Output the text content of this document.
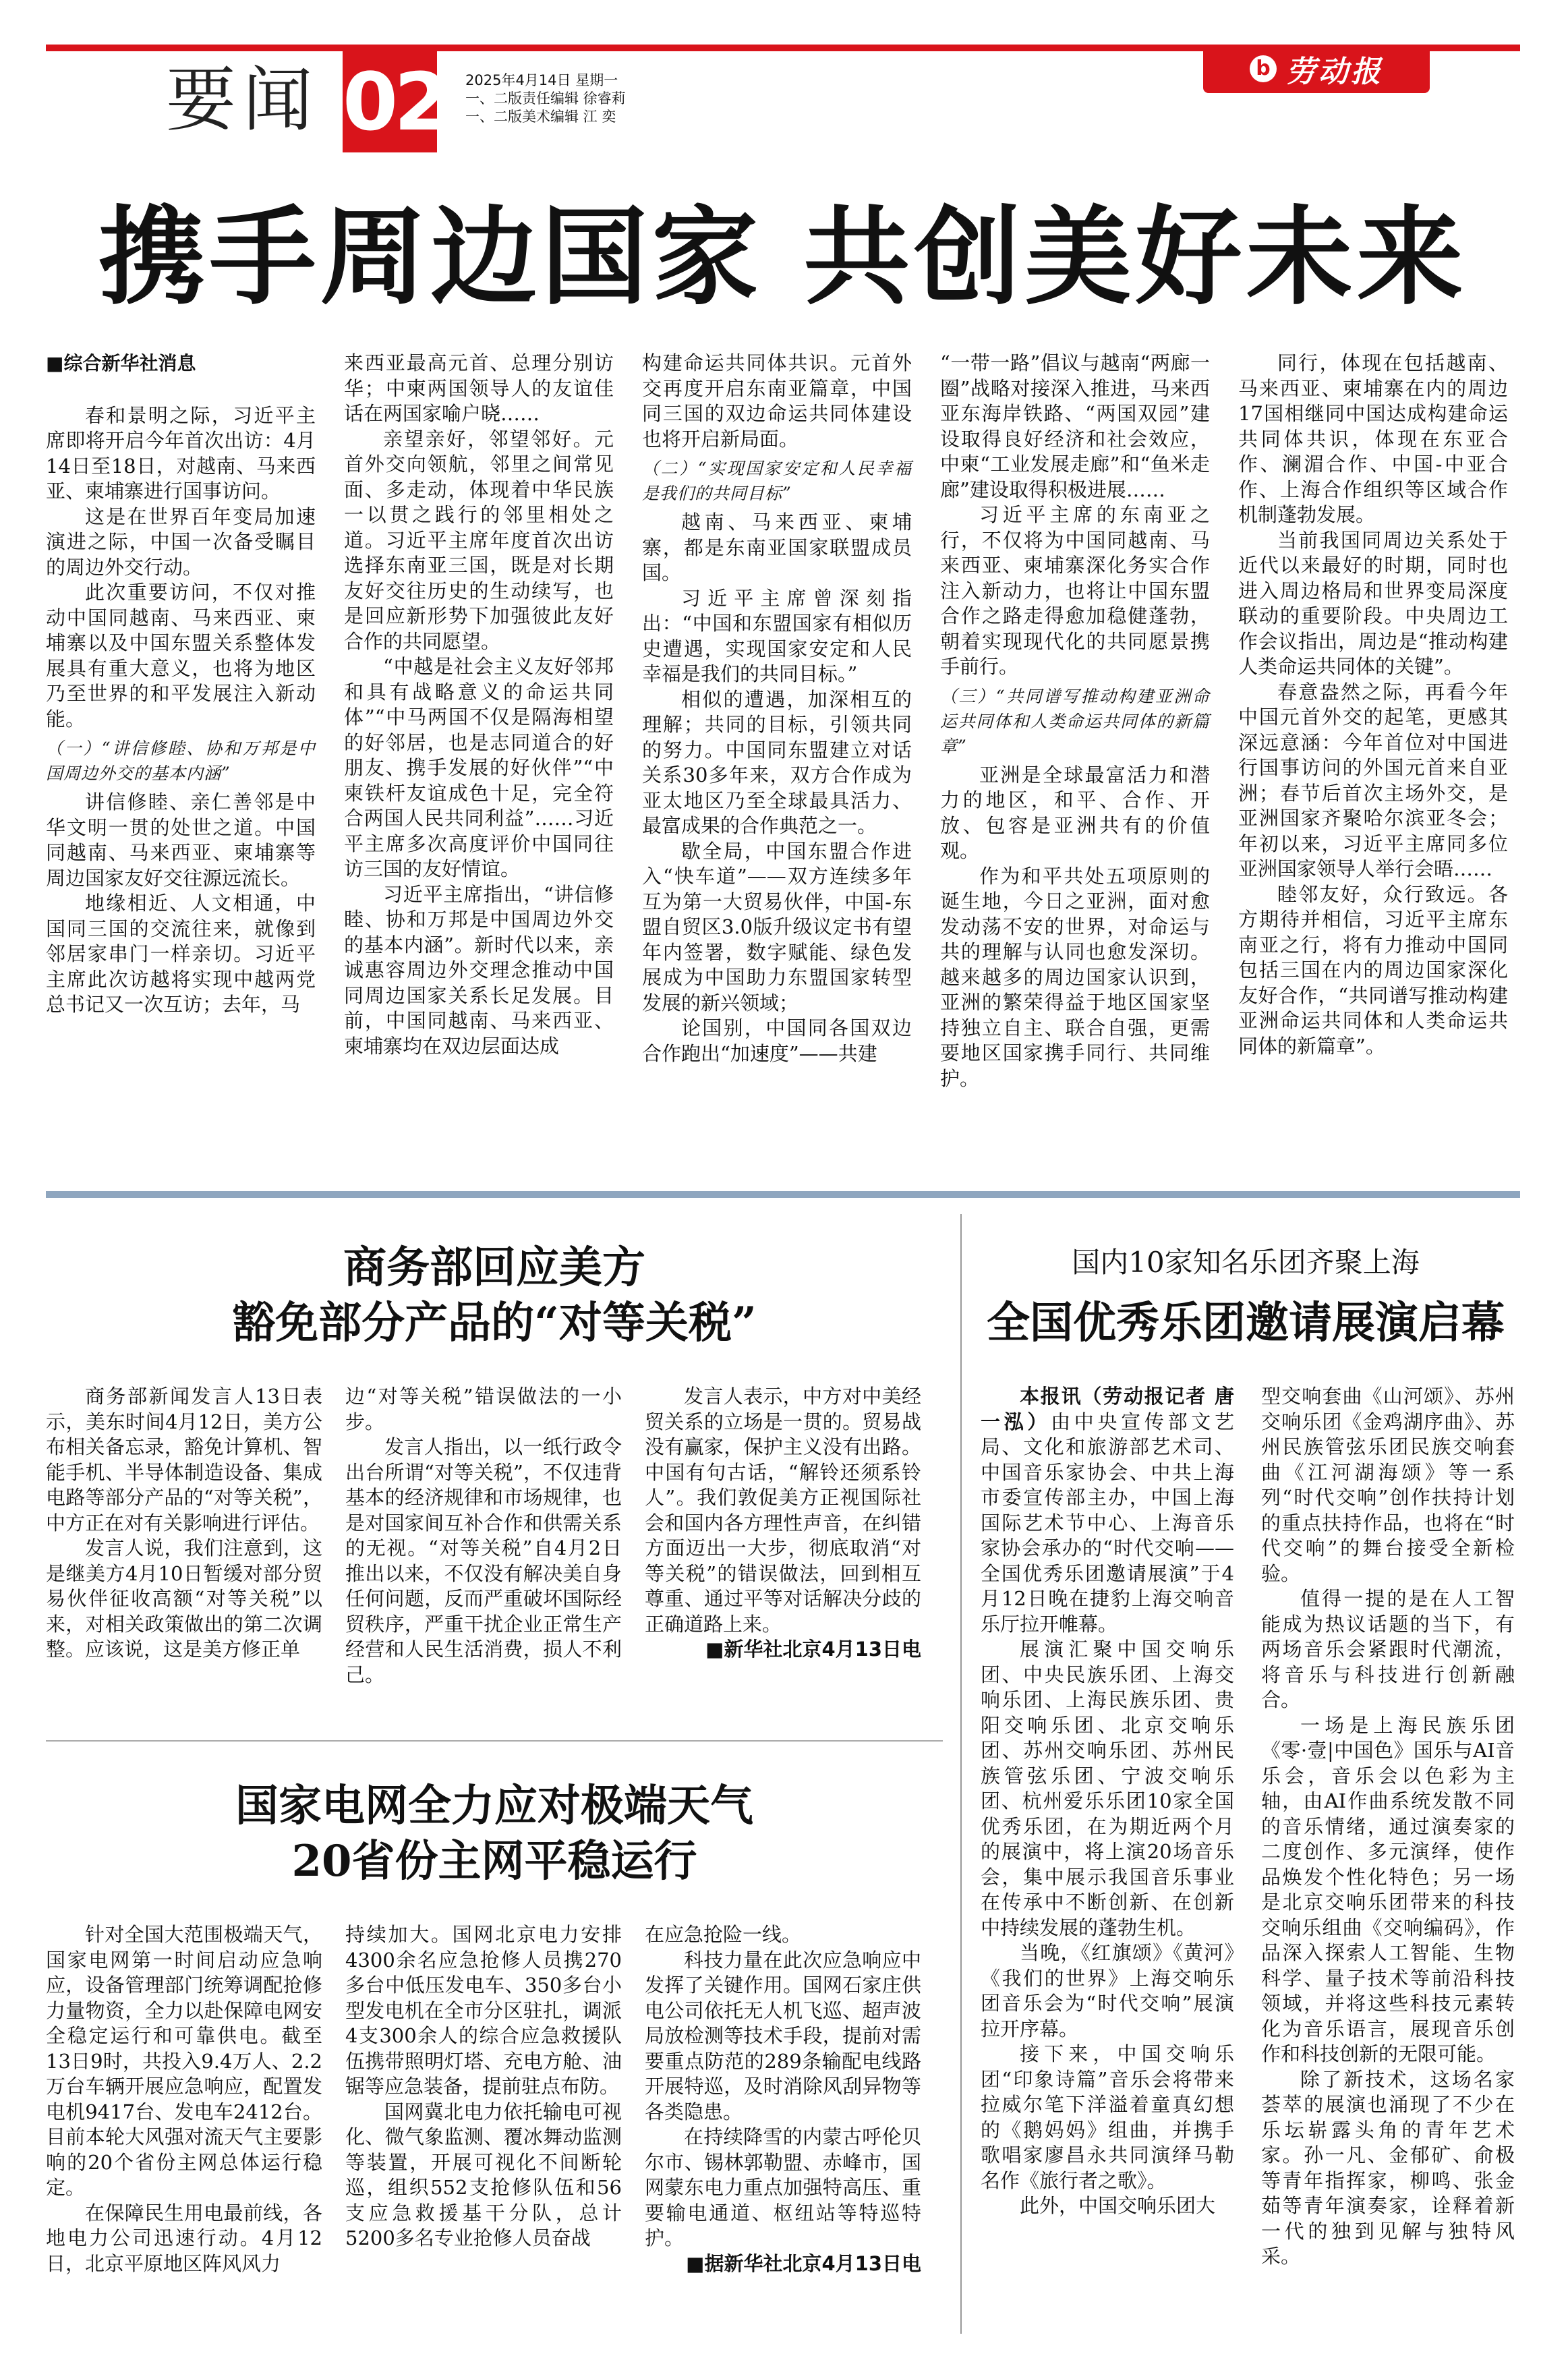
要闻 02 2025年4月14日 星期一
一、二版责任编辑 徐睿莉
一、二版美术编辑 江 奕
b 劳动报
携手周边国家 共创美好未来

■综合新华社消息

春和景明之际，习近平主席即将开启今年首次出访：4月14日至18日，对越南、马来西亚、柬埔寨进行国事访问。

这是在世界百年变局加速演进之际，中国一次备受瞩目的周边外交行动。

此次重要访问，不仅对推动中国同越南、马来西亚、柬埔寨以及中国东盟关系整体发展具有重大意义，也将为地区乃至世界的和平发展注入新动能。

（一）“讲信修睦、协和万邦是中国周边外交的基本内涵”

讲信修睦、亲仁善邻是中华文明一贯的处世之道。中国同越南、马来西亚、柬埔寨等周边国家友好交往源远流长。

地缘相近、人文相通，中国同三国的交流往来，就像到邻居家串门一样亲切。习近平主席此次访越将实现中越两党总书记又一次互访；去年，马

来西亚最高元首、总理分别访华；中柬两国领导人的友谊佳话在两国家喻户晓……

亲望亲好，邻望邻好。元首外交向领航，邻里之间常见面、多走动，体现着中华民族一以贯之践行的邻里相处之道。习近平主席年度首次出访选择东南亚三国，既是对长期友好交往历史的生动续写，也是回应新形势下加强彼此友好合作的共同愿望。

“中越是社会主义友好邻邦和具有战略意义的命运共同体”“中马两国不仅是隔海相望的好邻居，也是志同道合的好朋友、携手发展的好伙伴”“中柬铁杆友谊成色十足，完全符合两国人民共同利益”……习近平主席多次高度评价中国同往访三国的友好情谊。

习近平主席指出，“讲信修睦、协和万邦是中国周边外交的基本内涵”。新时代以来，亲诚惠容周边外交理念推动中国同周边国家关系长足发展。目前，中国同越南、马来西亚、柬埔寨均在双边层面达成

构建命运共同体共识。元首外交再度开启东南亚篇章，中国同三国的双边命运共同体建设也将开启新局面。

（二）“实现国家安定和人民幸福是我们的共同目标”

越南、马来西亚、柬埔寨，都是东南亚国家联盟成员国。

习近平主席曾深刻指出：“中国和东盟国家有相似历史遭遇，实现国家安定和人民幸福是我们的共同目标。”

相似的遭遇，加深相互的理解；共同的目标，引领共同的努力。中国同东盟建立对话关系30多年来，双方合作成为亚太地区乃至全球最具活力、最富成果的合作典范之一。

歇全局，中国东盟合作进入“快车道”——双方连续多年互为第一大贸易伙伴，中国-东盟自贸区3.0版升级议定书有望年内签署，数字赋能、绿色发展成为中国助力东盟国家转型发展的新兴领域；

论国别，中国同各国双边合作跑出“加速度”——共建

“一带一路”倡议与越南“两廊一圈”战略对接深入推进，马来西亚东海岸铁路、“两国双园”建设取得良好经济和社会效应，中柬“工业发展走廊”和“鱼米走廊”建设取得积极进展……

习近平主席的东南亚之行，不仅将为中国同越南、马来西亚、柬埔寨深化务实合作注入新动力，也将让中国东盟合作之路走得愈加稳健蓬勃，朝着实现现代化的共同愿景携手前行。

（三）“共同谱写推动构建亚洲命运共同体和人类命运共同体的新篇章”

亚洲是全球最富活力和潜力的地区，和平、合作、开放、包容是亚洲共有的价值观。

作为和平共处五项原则的诞生地，今日之亚洲，面对愈发动荡不安的世界，对命运与共的理解与认同也愈发深切。越来越多的周边国家认识到，亚洲的繁荣得益于地区国家坚持独立自主、联合自强，更需要地区国家携手同行、共同维护。

同行，体现在包括越南、马来西亚、柬埔寨在内的周边17国相继同中国达成构建命运共同体共识，体现在东亚合作、澜湄合作、中国-中亚合作、上海合作组织等区域合作机制蓬勃发展。

当前我国同周边关系处于近代以来最好的时期，同时也进入周边格局和世界变局深度联动的重要阶段。中央周边工作会议指出，周边是“推动构建人类命运共同体的关键”。

春意盎然之际，再看今年中国元首外交的起笔，更感其深远意涵：今年首位对中国进行国事访问的外国元首来自亚洲；春节后首次主场外交，是亚洲国家齐聚哈尔滨亚冬会；年初以来，习近平主席同多位亚洲国家领导人举行会晤……

睦邻友好，众行致远。各方期待并相信，习近平主席东南亚之行，将有力推动中国同包括三国在内的周边国家深化友好合作，“共同谱写推动构建亚洲命运共同体和人类命运共同体的新篇章”。

商务部回应美方
豁免部分产品的“对等关税”

商务部新闻发言人13日表示，美东时间4月12日，美方公布相关备忘录，豁免计算机、智能手机、半导体制造设备、集成电路等部分产品的“对等关税”，中方正在对有关影响进行评估。

发言人说，我们注意到，这是继美方4月10日暂缓对部分贸易伙伴征收高额“对等关税”以来，对相关政策做出的第二次调整。应该说，这是美方修正单

边“对等关税”错误做法的一小步。

发言人指出，以一纸行政令出台所谓“对等关税”，不仅违背基本的经济规律和市场规律，也是对国家间互补合作和供需关系的无视。“对等关税”自4月2日推出以来，不仅没有解决美自身任何问题，反而严重破坏国际经贸秩序，严重干扰企业正常生产经营和人民生活消费，损人不利己。

发言人表示，中方对中美经贸关系的立场是一贯的。贸易战没有赢家，保护主义没有出路。中国有句古话，“解铃还须系铃人”。我们敦促美方正视国际社会和国内各方理性声音，在纠错方面迈出一大步，彻底取消“对等关税”的错误做法，回到相互尊重、通过平等对话解决分歧的正确道路上来。

■新华社北京4月13日电

国家电网全力应对极端天气
20省份主网平稳运行

针对全国大范围极端天气，国家电网第一时间启动应急响应，设备管理部门统筹调配抢修力量物资，全力以赴保障电网安全稳定运行和可靠供电。截至13日9时，共投入9.4万人、2.2万台车辆开展应急响应，配置发电机9417台、发电车2412台。目前本轮大风强对流天气主要影响的20个省份主网总体运行稳定。

在保障民生用电最前线，各地电力公司迅速行动。4月12日，北京平原地区阵风风力

持续加大。国网北京电力安排4300余名应急抢修人员携270多台中低压发电车、350多台小型发电机在全市分区驻扎，调派4支300余人的综合应急救援队伍携带照明灯塔、充电方舱、油锯等应急装备，提前驻点布防。

国网冀北电力依托输电可视化、微气象监测、覆冰舞动监测等装置，开展可视化不间断轮巡，组织552支抢修队伍和56支应急救援基干分队，总计5200多名专业抢修人员奋战

在应急抢险一线。

科技力量在此次应急响应中发挥了关键作用。国网石家庄供电公司依托无人机飞巡、超声波局放检测等技术手段，提前对需要重点防范的289条输配电线路开展特巡，及时消除风刮异物等各类隐患。

在持续降雪的内蒙古呼伦贝尔市、锡林郭勒盟、赤峰市，国网蒙东电力重点加强特高压、重要输电通道、枢纽站等特巡特护。

■据新华社北京4月13日电

国内10家知名乐团齐聚上海
全国优秀乐团邀请展演启幕

本报讯（劳动报记者 唐一泓）由中央宣传部文艺局、文化和旅游部艺术司、中国音乐家协会、中共上海市委宣传部主办，中国上海国际艺术节中心、上海音乐家协会承办的“时代交响——全国优秀乐团邀请展演”于4月12日晚在捷豹上海交响音乐厅拉开帷幕。

展演汇聚中国交响乐团、中央民族乐团、上海交响乐团、上海民族乐团、贵阳交响乐团、北京交响乐团、苏州交响乐团、苏州民族管弦乐团、宁波交响乐团、杭州爱乐乐团10家全国优秀乐团，在为期近两个月的展演中，将上演20场音乐会，集中展示我国音乐事业在传承中不断创新、在创新中持续发展的蓬勃生机。

当晚，《红旗颂》《黄河》《我们的世界》上海交响乐团音乐会为“时代交响”展演拉开序幕。

接下来，中国交响乐团“印象诗篇”音乐会将带来拉威尔笔下洋溢着童真幻想的《鹅妈妈》组曲，并携手歌唱家廖昌永共同演绎马勒名作《旅行者之歌》。

此外，中国交响乐团大

型交响套曲《山河颂》、苏州交响乐团《金鸡湖序曲》、苏州民族管弦乐团民族交响套曲《江河湖海颂》等一系列“时代交响”创作扶持计划的重点扶持作品，也将在“时代交响”的舞台接受全新检验。

值得一提的是在人工智能成为热议话题的当下，有两场音乐会紧跟时代潮流，将音乐与科技进行创新融合。

一场是上海民族乐团《零·壹|中国色》国乐与AI音乐会，音乐会以色彩为主轴，由AI作曲系统发散不同的音乐情绪，通过演奏家的二度创作、多元演绎，使作品焕发个性化特色；另一场是北京交响乐团带来的科技交响乐组曲《交响编码》，作品深入探索人工智能、生物科学、量子技术等前沿科技领域，并将这些科技元素转化为音乐语言，展现音乐创作和科技创新的无限可能。

除了新技术，这场名家荟萃的展演也涌现了不少在乐坛崭露头角的青年艺术家。孙一凡、金郁矿、俞极等青年指挥家，柳鸣、张金茹等青年演奏家，诠释着新一代的独到见解与独特风采。
